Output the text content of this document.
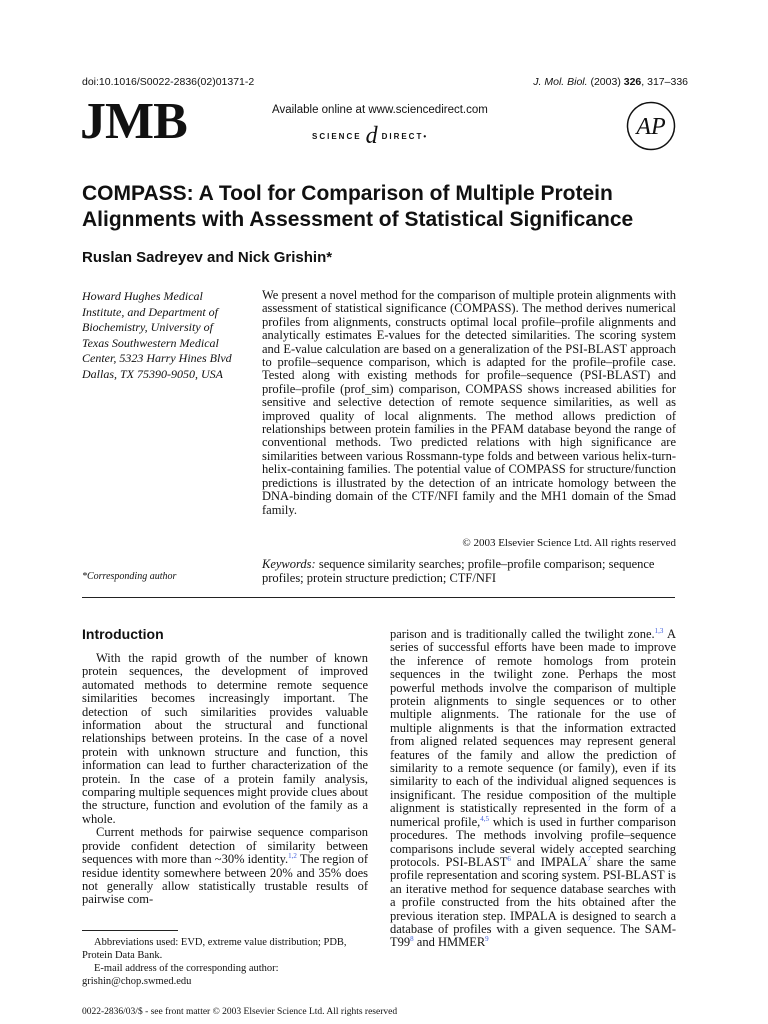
doi:10.1016/S0022-2836(02)01371-2	J. Mol. Biol. (2003) 326, 317–336
JMB	Available online at www.sciencedirect.com
SCIENCE d DIRECT•	AP
COMPASS: A Tool for Comparison of Multiple Protein
Alignments with Assessment of Statistical Significance
Ruslan Sadreyev and Nick Grishin*
Howard Hughes Medical
Institute, and Department of
Biochemistry, University of
Texas Southwestern Medical
Center, 5323 Harry Hines Blvd
Dallas, TX 75390-9050, USA
*Corresponding author

We present a novel method for the comparison of multiple protein alignments with assessment of statistical significance (COMPASS). The method derives numerical profiles from alignments, constructs optimal local profile–profile alignments and analytically estimates E-values for the detected similarities. The scoring system and E-value calculation are based on a generalization of the PSI-BLAST approach to profile–sequence comparison, which is adapted for the profile–profile case. Tested along with existing methods for profile–sequence (PSI-BLAST) and profile–profile (prof_sim) comparison, COMPASS shows increased abilities for sensitive and selective detection of remote sequence similarities, as well as improved quality of local alignments. The method allows prediction of relationships between protein families in the PFAM database beyond the range of conventional methods. Two predicted relations with high significance are similarities between various Rossmann-type folds and between various helix-turn-helix-containing families. The potential value of COMPASS for structure/function predictions is illustrated by the detection of an intricate homology between the DNA-binding domain of the CTF/NFI family and the MH1 domain of the Smad family.

© 2003 Elsevier Science Ltd. All rights reserved
Keywords: sequence similarity searches; profile–profile comparison; sequence profiles; protein structure prediction; CTF/NFI
Introduction

With the rapid growth of the number of known protein sequences, the development of improved automated methods to determine remote sequence similarities becomes increasingly important. The detection of such similarities provides valuable information about the structural and functional relationships between proteins. In the case of a novel protein with unknown structure and function, this information can lead to further characterization of the protein. In the case of a protein family analysis, comparing multiple sequences might provide clues about the structure, function and evolution of the family as a whole.

Current methods for pairwise sequence comparison provide confident detection of similarity between sequences with more than ~30% identity.$^{1,2}$ The region of residue identity somewhere between 20% and 35% does not generally allow statistically trustable results of pairwise com-

parison and is traditionally called the twilight zone.$^{1,3}$ A series of successful efforts have been made to improve the inference of remote homologs from protein sequences in the twilight zone. Perhaps the most powerful methods involve the comparison of multiple protein alignments to single sequences or to other multiple alignments. The rationale for the use of multiple alignments is that the information extracted from aligned related sequences may represent general features of the family and allow the prediction of similarity to a remote sequence (or family), even if its similarity to each of the individual aligned sequences is insignificant. The residue composition of the multiple alignment is statistically represented in the form of a numerical profile,$^{4,5}$ which is used in further comparison procedures. The methods involving profile–sequence comparisons include several widely accepted searching protocols. PSI-BLAST$^6$ and IMPALA$^7$ share the same profile representation and scoring system. PSI-BLAST is an iterative method for sequence database searches with a profile constructed from the hits obtained after the previous iteration step. IMPALA is designed to search a database of profiles with a given sequence. The SAM-T99$^8$ and HMMER$^9$

Abbreviations used: EVD, extreme value distribution; PDB, Protein Data Bank.
E-mail address of the corresponding author:
grishin@chop.swmed.edu
0022-2836/03/$ - see front matter © 2003 Elsevier Science Ltd. All rights reserved
